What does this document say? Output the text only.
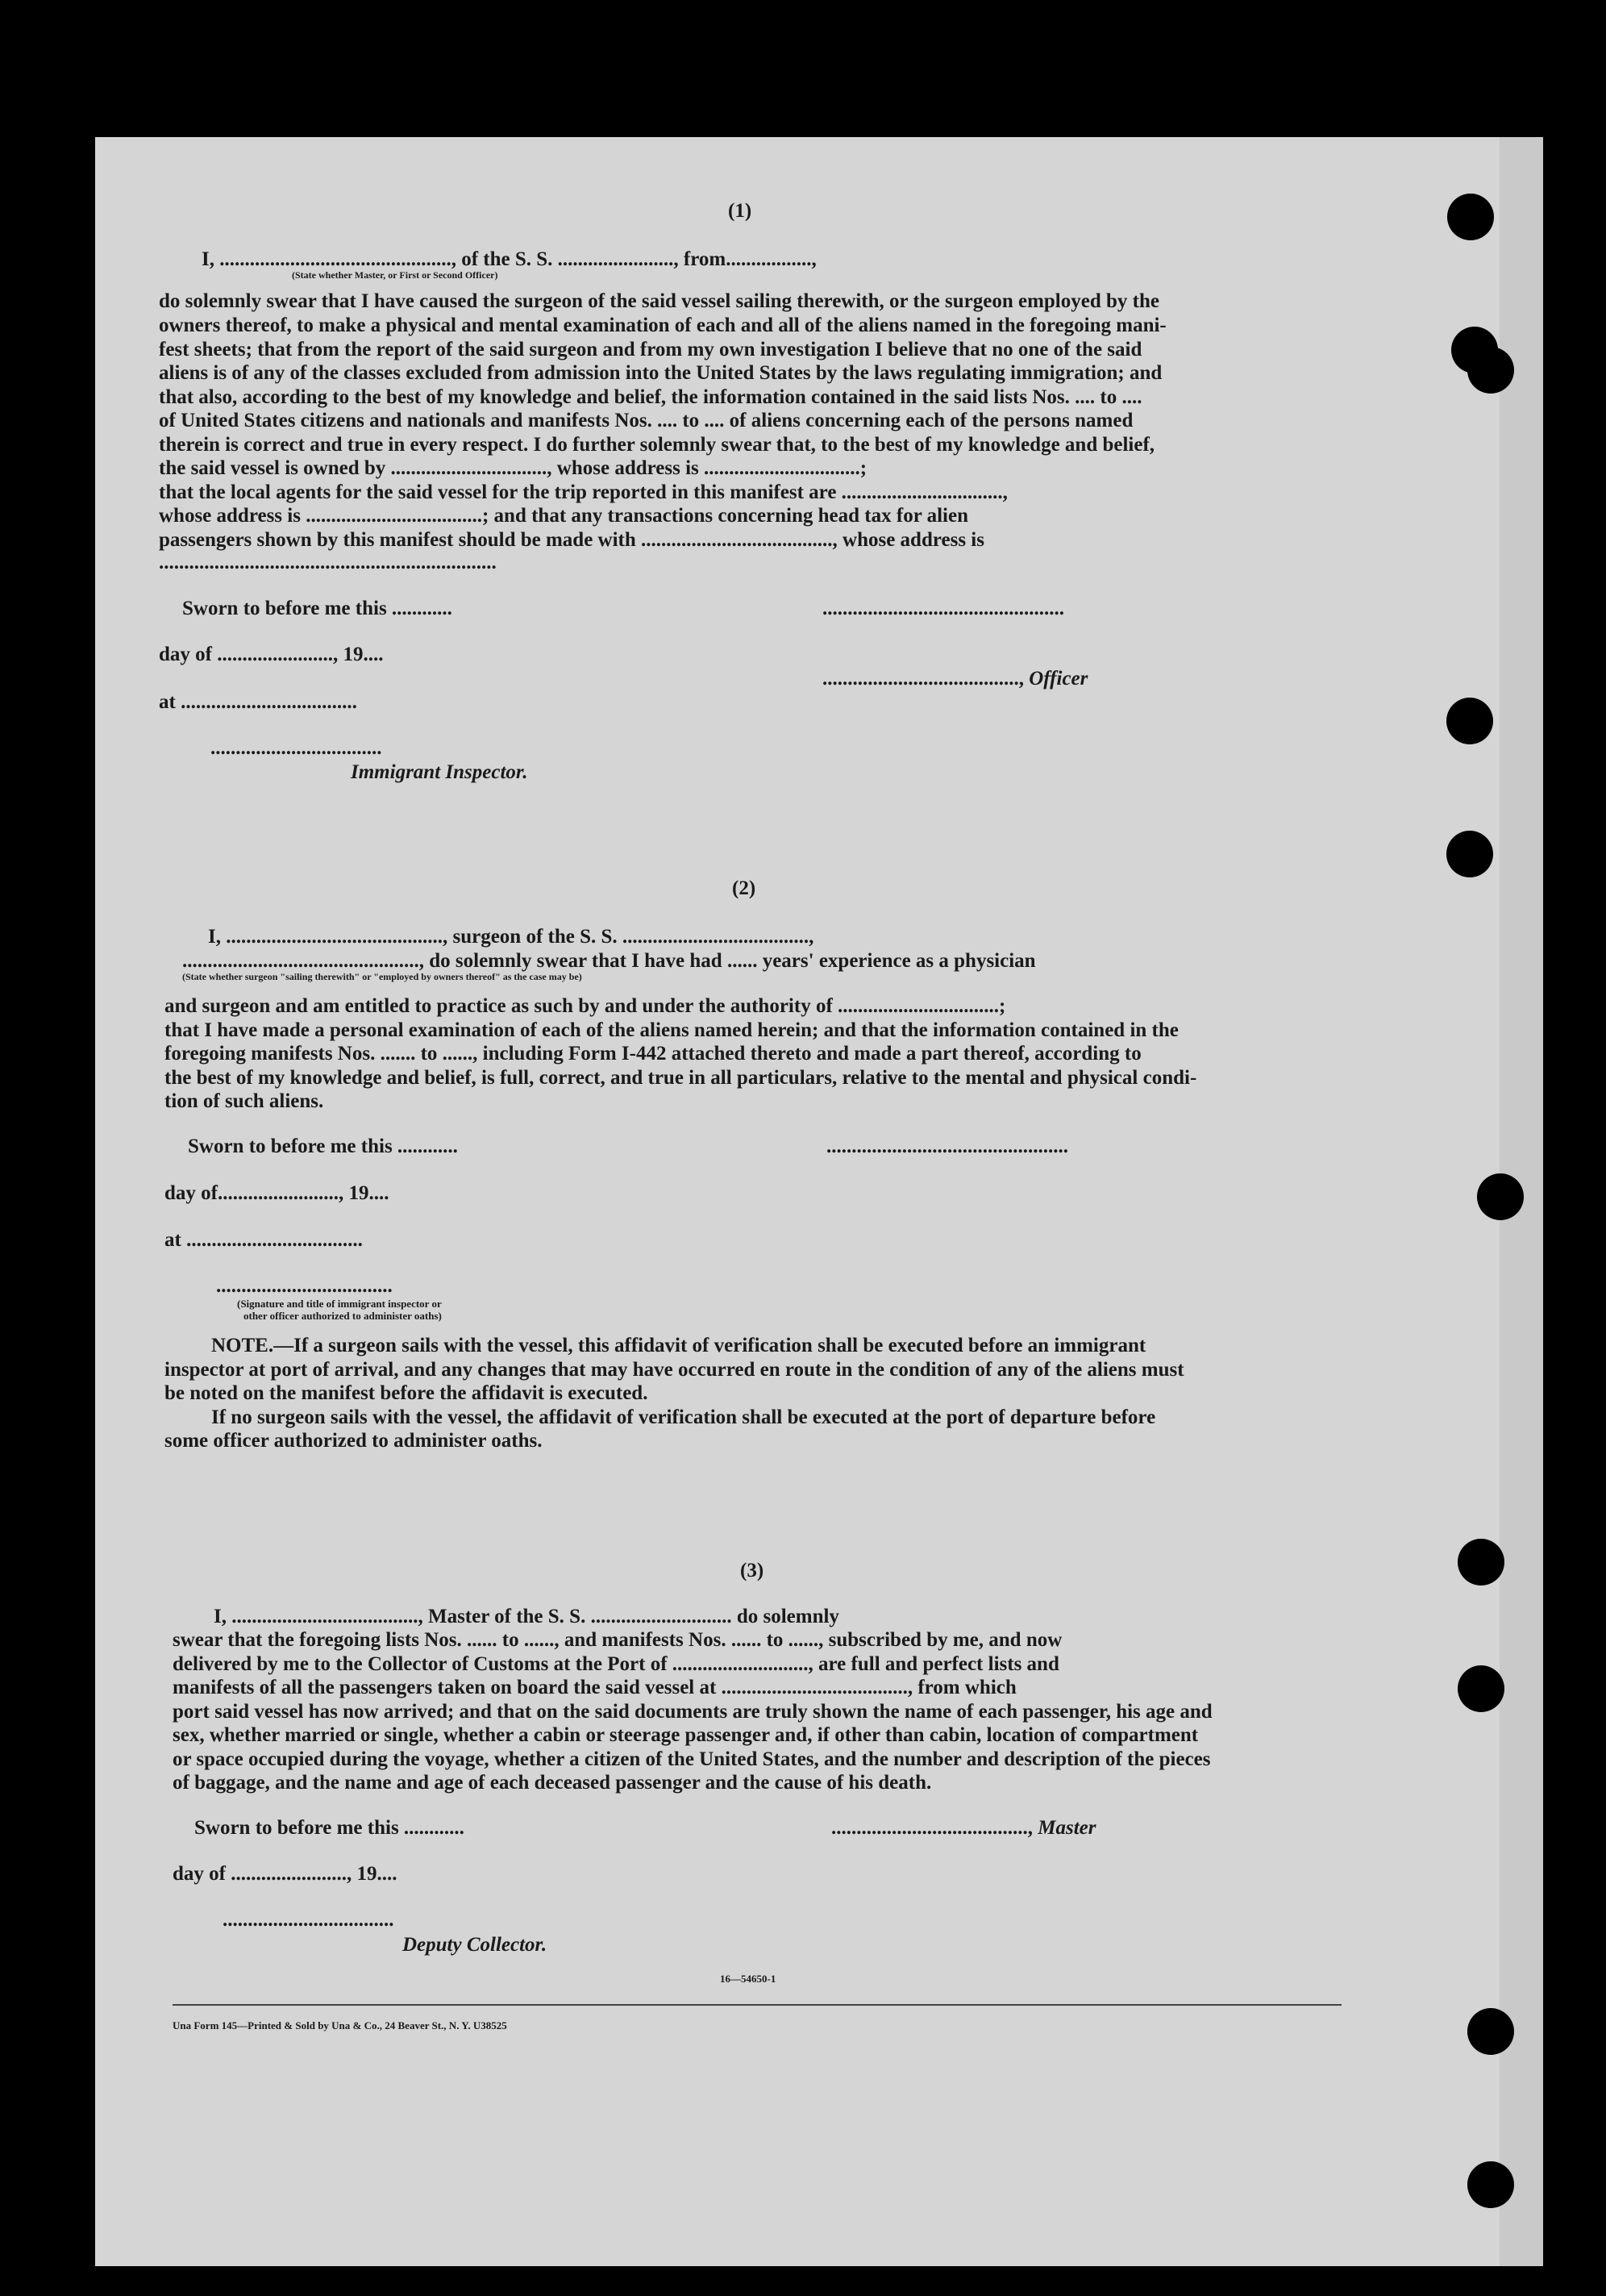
(1)
I, .............................................., of the S. S. ......................., from.................,
(State whether Master, or First or Second Officer)
do solemnly swear that I have caused the surgeon of the said vessel sailing therewith, or the surgeon employed by the
owners thereof, to make a physical and mental examination of each and all of the aliens named in the foregoing mani-
fest sheets; that from the report of the said surgeon and from my own investigation I believe that no one of the said
aliens is of any of the classes excluded from admission into the United States by the laws regulating immigration; and
that also, according to the best of my knowledge and belief, the information contained in the said lists Nos. .... to ....
of United States citizens and nationals and manifests Nos. .... to .... of aliens concerning each of the persons named
therein is correct and true in every respect. I do further solemnly swear that, to the best of my knowledge and belief,
the said vessel is owned by ..............................., whose address is ...............................;
that the local agents for the said vessel for the trip reported in this manifest are ................................,
whose address is ...................................; and that any transactions concerning head tax for alien
passengers shown by this manifest should be made with ......................................, whose address is
...................................................................
Sworn to before me this ............	................................................
day of ......................., 19....
......................................., Officer
at ...................................
..................................
Immigrant Inspector.
(2)
I, ..........................................., surgeon of the S. S. .....................................,
..............................................., do solemnly swear that I have had ...... years' experience as a physician
(State whether surgeon "sailing therewith" or "employed by owners thereof" as the case may be)
and surgeon and am entitled to practice as such by and under the authority of ................................;
that I have made a personal examination of each of the aliens named herein; and that the information contained in the
foregoing manifests Nos. ....... to ......, including Form I-442 attached thereto and made a part thereof, according to
the best of my knowledge and belief, is full, correct, and true in all particulars, relative to the mental and physical condi-
tion of such aliens.
Sworn to before me this ............	................................................
day of........................, 19....
at ...................................
...................................
(Signature and title of immigrant inspector or
other officer authorized to administer oaths)
NOTE.—If a surgeon sails with the vessel, this affidavit of verification shall be executed before an immigrant
inspector at port of arrival, and any changes that may have occurred en route in the condition of any of the aliens must
be noted on the manifest before the affidavit is executed.
If no surgeon sails with the vessel, the affidavit of verification shall be executed at the port of departure before
some officer authorized to administer oaths.
(3)
I, ....................................., Master of the S. S. ............................ do solemnly
swear that the foregoing lists Nos. ...... to ......, and manifests Nos. ...... to ......, subscribed by me, and now
delivered by me to the Collector of Customs at the Port of ..........................., are full and perfect lists and
manifests of all the passengers taken on board the said vessel at ....................................., from which
port said vessel has now arrived; and that on the said documents are truly shown the name of each passenger, his age and
sex, whether married or single, whether a cabin or steerage passenger and, if other than cabin, location of compartment
or space occupied during the voyage, whether a citizen of the United States, and the number and description of the pieces
of baggage, and the name and age of each deceased passenger and the cause of his death.
Sworn to before me this ............	......................................., Master
day of ......................., 19....
..................................
Deputy Collector.
16—54650-1
Una Form 145—Printed & Sold by Una & Co., 24 Beaver St., N. Y. U38525
